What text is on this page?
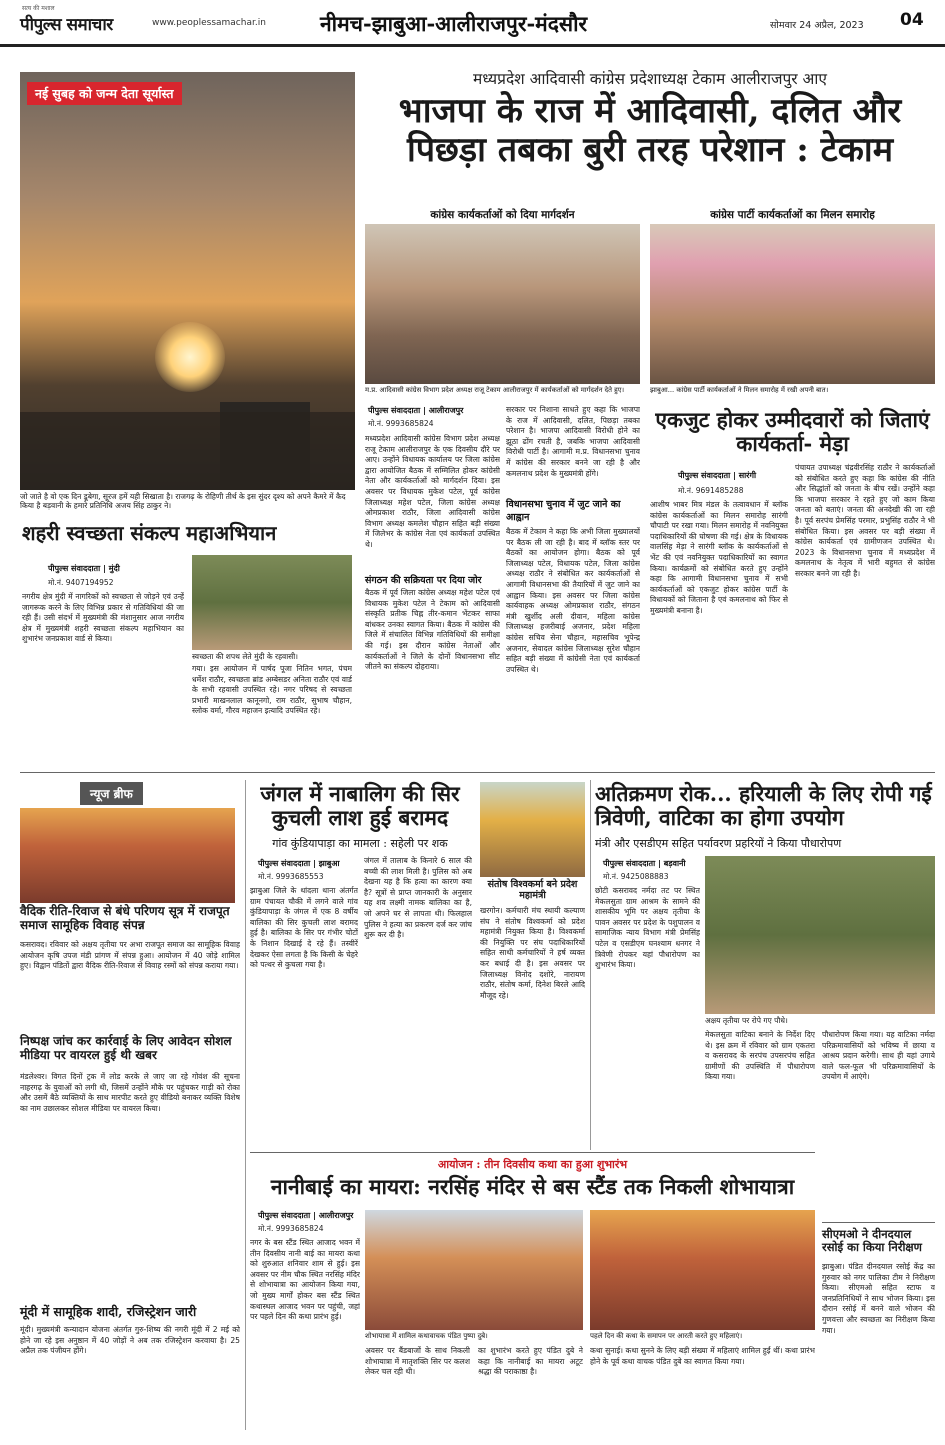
सत्य की मशाल
पीपुल्स समाचार	www.peoplessamachar.in	नीमच-झाबुआ-आलीराजपुर-मंदसौर	सोमवार 24 अप्रैल, 2023 04
नई सुबह को जन्म देता सूर्यास्त
जो जाते है वो एक दिन डूबेगा, सूरज हमें यही सिखाता है। राजगढ़ के रोहिणी तीर्थ के इस सुंदर दृश्य को अपने कैमरे में कैद किया है बड़वानी के हमारे प्रतिनिधि अजय सिंह ठाकुर ने।
मध्यप्रदेश आदिवासी कांग्रेस प्रदेशाध्यक्ष टेकाम आलीराजपुर आए
भाजपा के राज में आदिवासी, दलित और पिछड़ा तबका बुरी तरह परेशान : टेकाम
कांग्रेस कार्यकर्ताओं को दिया मार्गदर्शन	कांग्रेस पार्टी कार्यकर्ताओं का मिलन समारोह
म.प्र. आदिवासी कांग्रेस विभाग प्रदेश अध्यक्ष राजू टेकाम आलीराजपुर में कार्यकर्ताओं को मार्गदर्शन देते हुए।	झाबुआ... कांग्रेस पार्टी कार्यकर्ताओं ने मिलन समारोह में रखी अपनी बात।
पीपुल्स संवाददाता | आलीराजपुर
मो.नं. 9993685824
मध्यप्रदेश आदिवासी कांग्रेस विभाग प्रदेश अध्यक्ष राजू टेकाम आलीराजपुर के एक दिवसीय दौरे पर आए। उन्होंने विधायक कार्यालय पर जिला कांग्रेस द्वारा आयोजित बैठक में सम्मिलित होकर कांग्रेसी नेता और कार्यकर्ताओं को मार्गदर्शन दिया। इस अवसर पर विधायक मुकेश पटेल, पूर्व कांग्रेस जिलाध्यक्ष महेश पटेल, जिला कांग्रेस अध्यक्ष ओमप्रकाश राठौर, जिला आदिवासी कांग्रेस विभाग अध्यक्ष कमलेश चौहान सहित बड़ी संख्या में जिलेभर के कांग्रेस नेता एवं कार्यकर्ता उपस्थित थे।
संगठन की सक्रियता पर दिया जोर
बैठक में पूर्व जिला कांग्रेस अध्यक्ष महेश पटेल एवं विधायक मुकेश पटेल ने टेकाम को आदिवासी संस्कृति प्रतीक चिह्न तीर-कमान भेंटकर साफा बांधकर उनका स्वागत किया। बैठक में कांग्रेस की जिले में संचालित विभिन्न गतिविधियों की समीक्षा की गई। इस दौरान कांग्रेस नेताओं और कार्यकर्ताओं ने जिले के दोनों विधानसभा सीट जीतने का संकल्प दोहराया।
सरकार पर निशाना साधते हुए कहा कि भाजपा के राज में आदिवासी, दलित, पिछड़ा तबका परेशान है। भाजपा आदिवासी विरोधी होने का झूठा ढोंग रचती है, जबकि भाजपा आदिवासी विरोधी पार्टी है। आगामी म.प्र. विधानसभा चुनाव में कांग्रेस की सरकार बनने जा रही है और कमलनाथ प्रदेश के मुख्यमंत्री होंगे।
विधानसभा चुनाव में जुट जाने का आह्वान
बैठक में टेकाम ने कहा कि अभी जिला मुख्यालयों पर बैठक ली जा रही है। बाद में ब्लॉक स्तर पर बैठकों का आयोजन होगा। बैठक को पूर्व जिलाध्यक्ष पटेल, विधायक पटेल, जिला कांग्रेस अध्यक्ष राठौर ने संबोधित कर कार्यकर्ताओं से आगामी विधानसभा की तैयारियों में जुट जाने का आह्वान किया। इस अवसर पर जिला कांग्रेस कार्यवाहक अध्यक्ष ओमप्रकाश राठौर, संगठन मंत्री खुर्शीद अली दीवान, महिला कांग्रेस जिलाध्यक्ष हजरीबाई अजनार, प्रदेश महिला कांग्रेस सचिव सेना चौहान, महासचिव भूपेन्द्र अजनार, सेवादल कांग्रेस जिलाध्यक्ष सुरेश चौहान सहित बड़ी संख्या में कांग्रेसी नेता एवं कार्यकर्ता उपस्थित थे।
एकजुट होकर उम्मीदवारों को जिताएं कार्यकर्ता- मेड़ा
पीपुल्स संवाददाता | सारंगी
मो.नं. 9691485288
आशीष भाबर मित्र मंडल के तत्वावधान में ब्लॉक कांग्रेस कार्यकर्ताओं का मिलन समारोह सारंगी चौपाटी पर रखा गया। मिलन समारोह में नवनियुक्त पदाधिकारियों की घोषणा की गई। क्षेत्र के विधायक वालसिंह मेड़ा ने सारंगी ब्लॉक के कार्यकर्ताओं से भेंट की एवं नवनियुक्त पदाधिकारियों का स्वागत किया। कार्यक्रमों को संबोधित करते हुए उन्होंने कहा कि आगामी विधानसभा चुनाव में सभी कार्यकर्ताओं को एकजुट होकर कांग्रेस पार्टी के विधायकों को जिताना है एवं कमलनाथ को फिर से मुख्यमंत्री बनाना है।
पंचायत उपाध्यक्ष चंद्रवीरसिंह राठौर ने कार्यकर्ताओं को संबोधित करते हुए कहा कि कांग्रेस की नीति और सिद्धांतों को जनता के बीच रखें। उन्होंने कहा कि भाजपा सरकार ने रहते हुए जो काम किया जनता को बताएं। जनता की अनदेखी की जा रही है। पूर्व सरपंच प्रेमसिंह परमार, प्रभुसिंह राठौर ने भी संबोधित किया। इस अवसर पर बड़ी संख्या में कांग्रेस कार्यकर्ता एवं ग्रामीणजन उपस्थित थे। 2023 के विधानसभा चुनाव में मध्यप्रदेश में कमलनाथ के नेतृत्व में भारी बहुमत से कांग्रेस सरकार बनने जा रही है।
शहरी स्वच्छता संकल्प महाअभियान
पीपुल्स संवाददाता | मुंदी
मो.नं. 9407194952
स्वच्छता की शपथ लेते मुंदी के रहवासी।
नगरीय क्षेत्र मुंदी में नागरिकों को स्वच्छता से जोड़ने एवं उन्हें जागरूक करने के लिए विभिन्न प्रकार से गतिविधियां की जा रही हैं। उसी संदर्भ में मुख्यमंत्री की मंशानुसार आज नगरीय क्षेत्र में मुख्यमंत्री शहरी स्वच्छता संकल्प महाभियान का शुभारंभ जनप्रकाश वार्ड से किया।
गया। इस आयोजन में पार्षद पूजा नितिन भगत, पंचम धर्मेश राठौर, स्वच्छता ब्रांड अम्बेसडर अनिता राठौर एवं वार्ड के सभी रहवासी उपस्थित रहे। नगर परिषद से स्वच्छता प्रभारी माखनलाल कानूनगो, राम राठौर, सुभाष चौहान, स्लोक वर्मा, गौरव महाजन इत्यादि उपस्थित रहे।
न्यूज ब्रीफ
वैदिक रीति-रिवाज से बंधे परिणय सूत्र में राजपूत समाज सामूहिक विवाह संपन्न
कसरावद। रविवार को अक्षय तृतीया पर अभा राजपूत समाज का सामूहिक विवाह आयोजन कृषि उपज मंडी प्रांगण में संपन्न हुआ। आयोजन में 40 जोड़े शामिल हुए। विद्वान पंडितों द्वारा वैदिक रीति-रिवाज से विवाह रस्मों को संपन्न कराया गया।
निष्पक्ष जांच कर कार्रवाई के लिए आवेदन सोशल मीडिया पर वायरल हुई थी खबर
मंडलेश्वर। विगत दिनों ट्रक में लोड करके ले जाए जा रहे गोवंश की सूचना नाहरगढ़ के युवाओं को लगी थी, जिसमें उन्होंने मौके पर पहुंचकर गाड़ी को रोका और उसमें बैठे व्यक्तियों के साथ मारपीट करते हुए वीडियो बनाकर व्यक्ति विशेष का नाम उछालकर सोशल मीडिया पर वायरल किया।
मूंदी में सामूहिक शादी, रजिस्ट्रेशन जारी
मूंदी। मुख्यमंत्री कन्यादान योजना अंतर्गत गुरु-शिष्य की नगरी मूंदी में 2 मई को होने जा रहे इस अनुष्ठान में 40 जोड़ों ने अब तक रजिस्ट्रेशन करवाया है। 25 अप्रैल तक पंजीयन होंगे।
जंगल में नाबालिग की सिर कुचली लाश हुई बरामद
गांव कुंडियापाड़ा का मामला : सहेली पर शक
पीपुल्स संवाददाता | झाबुआ
मो.नं. 9993685553
झाबुआ जिले के थांदला थाना अंतर्गत ग्राम पंचायत चौकी में लगने वाले गांव कुंडियापाड़ा के जंगल में एक 8 वर्षीय बालिका की सिर कुचली लाश बरामद हुई है। बालिका के सिर पर गंभीर चोटों के निशान दिखाई दे रहे हैं। तस्वीरें देखकर ऐसा लगता है कि किसी के चेहरे को पत्थर से कुचला गया है।
जंगल में तालाब के किनारे 6 साल की बच्ची की लाश मिली है। पुलिस को अब देखना यह है कि हत्या का कारण क्या है? सूत्रों से प्राप्त जानकारी के अनुसार यह शव लक्ष्मी नामक बालिका का है, जो अपने घर से लापता थी। फिलहाल पुलिस ने हत्या का प्रकरण दर्ज कर जांच शुरू कर दी है।
संतोष विश्वकर्मा बने प्रदेश महामंत्री
खरगोन। कर्मचारी मंच स्थायी कल्याण संघ ने संतोष विश्वकर्मा को प्रदेश महामंत्री नियुक्त किया है। विश्वकर्मा की नियुक्ति पर संघ पदाधिकारियों सहित साथी कर्मचारियों ने हर्ष व्यक्त कर बधाई दी है। इस अवसर पर जिलाध्यक्ष विनोद दशोरे, नारायण राठौर, संतोष कर्मा, दिनेश बिरले आदि मौजूद रहे।
अतिक्रमण रोक... हरियाली के लिए रोपी गई त्रिवेणी, वाटिका का होगा उपयोग
मंत्री और एसडीएम सहित पर्यावरण प्रहरियों ने किया पौधारोपण
पीपुल्स संवाददाता | बड़वानी
मो.नं. 9425088883
अक्षय तृतीया पर रोपे गए पौधे।
छोटी कसरावद नर्मदा तट पर स्थित मेकलसुता ग्राम आश्रम के सामने की शासकीय भूमि पर अक्षय तृतीया के पावन अवसर पर प्रदेश के पशुपालन व सामाजिक न्याय विभाग मंत्री प्रेमसिंह पटेल व एसडीएम घनश्याम धनगर ने त्रिवेणी रोपकर यहां पौधारोपण का शुभारंभ किया।
मेकलसुता वाटिका बनाने के निर्देश दिए थे। इस क्रम में रविवार को ग्राम एकतरा व कसरावद के सरपंच उपसरपंच सहित ग्रामीणों की उपस्थिति में पौधारोपण किया गया।
पौधारोपण किया गया। यह वाटिका नर्मदा परिक्रमावासियों को भविष्य में छाया व आश्रय प्रदान करेगी। साथ ही यहां उगाये वाले फल-फूल भी परिक्रमावासियों के उपयोग में आएंगे।
आयोजन : तीन दिवसीय कथा का हुआ शुभारंभ
नानीबाई का मायरा: नरसिंह मंदिर से बस स्टैंड तक निकली शोभायात्रा
पीपुल्स संवाददाता | आलीराजपुर
मो.नं. 9993685824
नगर के बस स्टैंड स्थित आजाद भवन में तीन दिवसीय नानी बाई का मायरा कथा को शुरुआत शनिवार शाम से हुई। इस अवसर पर नीम चौक स्थित नरसिंह मंदिर से शोभायात्रा का आयोजन किया गया, जो मुख्य मार्गों होकर बस स्टैंड स्थित कथास्थल आजाद भवन पर पहुंची, जहां पर पहले दिन की कथा प्रारंभ हुई।
शोभायात्रा में शामिल कथावाचक पंडित पुष्पा दुबे।	पहले दिन की कथा के समापन पर आरती करते हुए महिलाएं।
अवसर पर बैंडबाजों के साथ निकली शोभायात्रा में मातृशक्ति सिर पर कलश लेकर चल रही थी।
का शुभारंभ करते हुए पंडित दुबे ने कहा कि नानीबाई का मायरा अटूट श्रद्धा की पराकाष्ठा है।
कथा सुनाई। कथा सुनने के लिए बड़ी संख्या में महिलाएं शामिल हुईं थीं। कथा प्रारंभ होने के पूर्व कथा वाचक पंडित दुबे का स्वागत किया गया।
सीएमओ ने दीनदयाल रसोई का किया निरीक्षण
झाबुआ। पंडित दीनदयाल रसोई केंद्र का गुरुवार को नगर पालिका टीम ने निरीक्षण किया। सीएमओ सहित स्टाफ व जनप्रतिनिधियों ने साथ भोजन किया। इस दौरान रसोई में बनने वाले भोजन की गुणवत्ता और स्वच्छता का निरीक्षण किया गया।
